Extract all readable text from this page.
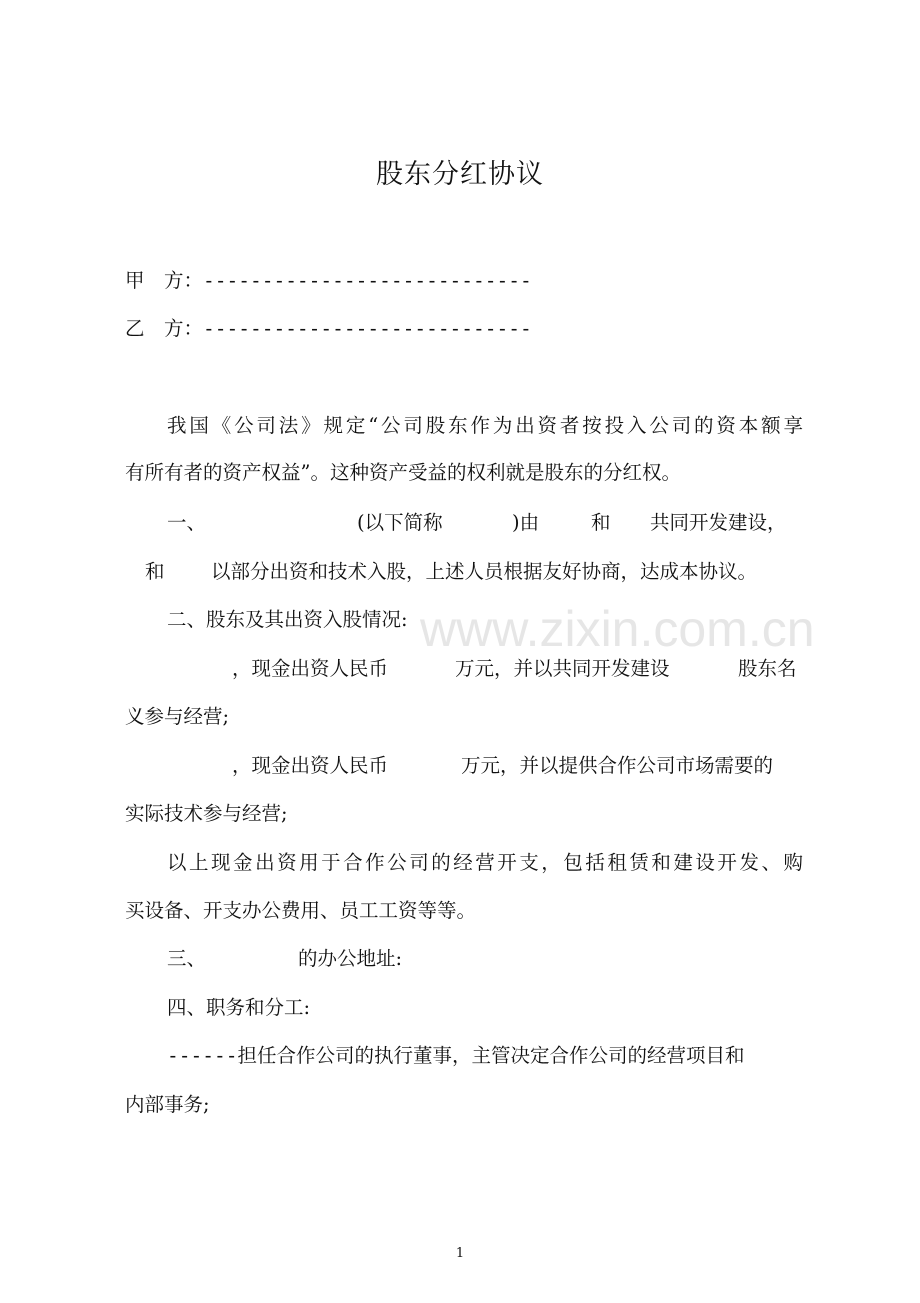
www.zixin.com.cn
股东分红协议
甲　方：----------------------------
乙　方：----------------------------
我国《公司法》规定“公司股东作为出资者按投入公司的资本额享
有所有者的资产权益”。这种资产受益的权利就是股东的分红权。
一、	(以下简称	)由	和 共同开发建设，
和 以部分出资和技术入股，上述人员根据友好协商，达成本协议。
二、股东及其出资入股情况:
，现金出资人民币	万元，并以共同开发建设	股东名
义参与经营;
，现金出资人民币	万元，并以提供合作公司市场需要的
实际技术参与经营;
以上现金出资用于合作公司的经营开支，包括租赁和建设开发、购
买设备、开支办公费用、员工工资等等。
三、	的办公地址:
四、职务和分工:
------担任合作公司的执行董事，主管决定合作公司的经营项目和
内部事务;
1
